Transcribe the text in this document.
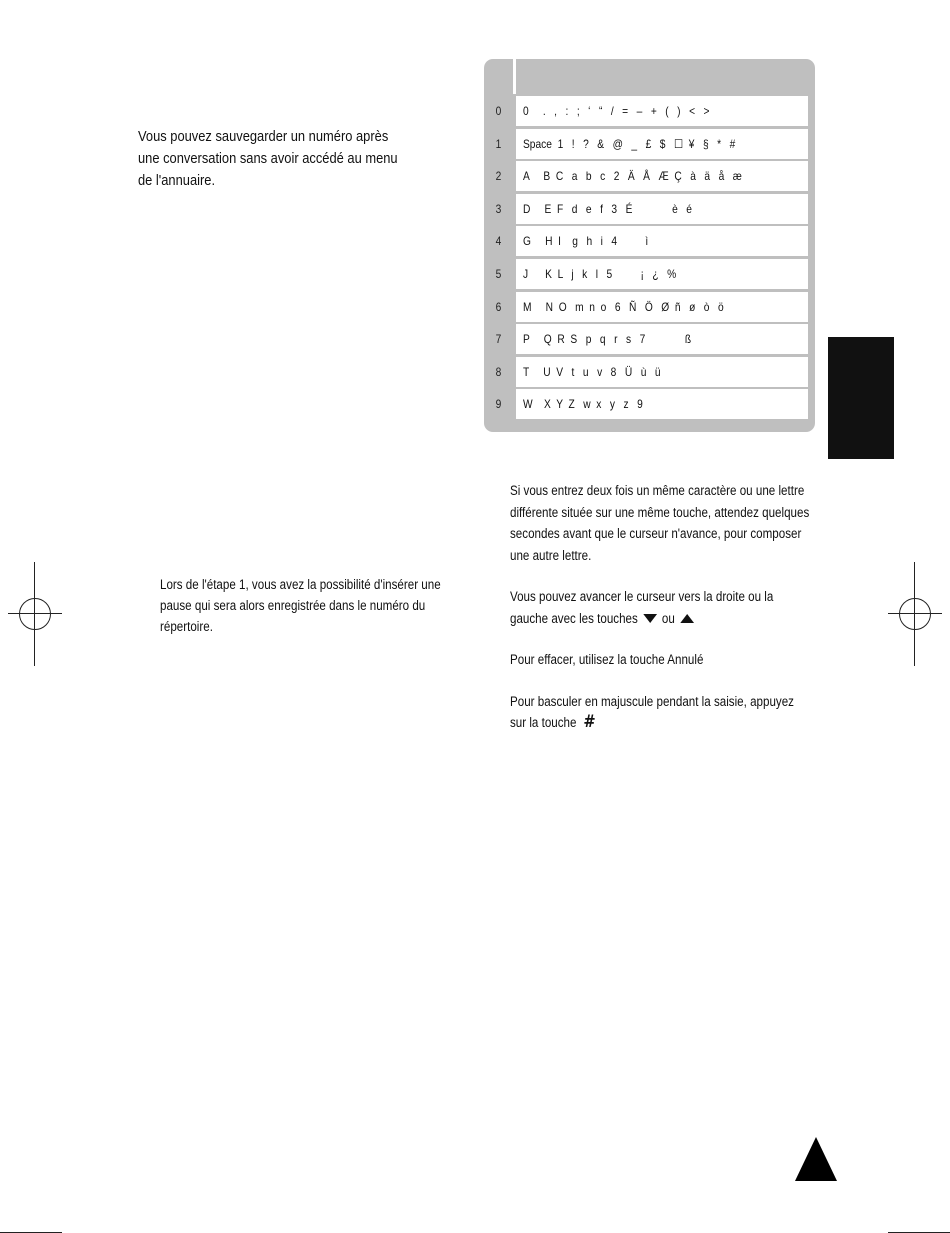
Vous pouvez sauvegarder un numéro après une conversation sans avoir accédé au menu de l'annuaire.
0	0     .   ,   :   ;   ‘   “   /   =   –   +   (   )   <   >
1	Space  1   !   ?   &   @   _   £   $   ☐  ¥   §   *   #
2	A     B  C   a   b   c   2   Ä   Å   Æ  Ç   à   ä   å   æ
3	D     E  F   d   e   f   3   É              è   é
4	G     H  I    g   h   i   4          ì
5	J      K  L   j   k   l   5          ¡   ¿   %
6	M     N  O   m  n  o   6   Ñ   Ö   Ø  ñ   ø   ò   ö
7	P     Q  R  S   p   q   r   s   7              ß
8	T     U  V   t   u   v   8   Ü   ù   ü
9	W    X  Y  Z   w  x   y   z   9

Si vous entrez deux fois un même caractère ou une lettre différente située sur une même touche, attendez quelques secondes avant que le curseur n'avance, pour composer une autre lettre.

Vous pouvez avancer le curseur vers la droite ou la gauche avec les touches ou

Pour effacer, utilisez la touche Annulé

Pour basculer en majuscule pendant la saisie, appuyez sur la touche #

Lors de l'étape 1, vous avez la possibilité d'insérer une pause qui sera alors enregistrée dans le numéro du répertoire.
